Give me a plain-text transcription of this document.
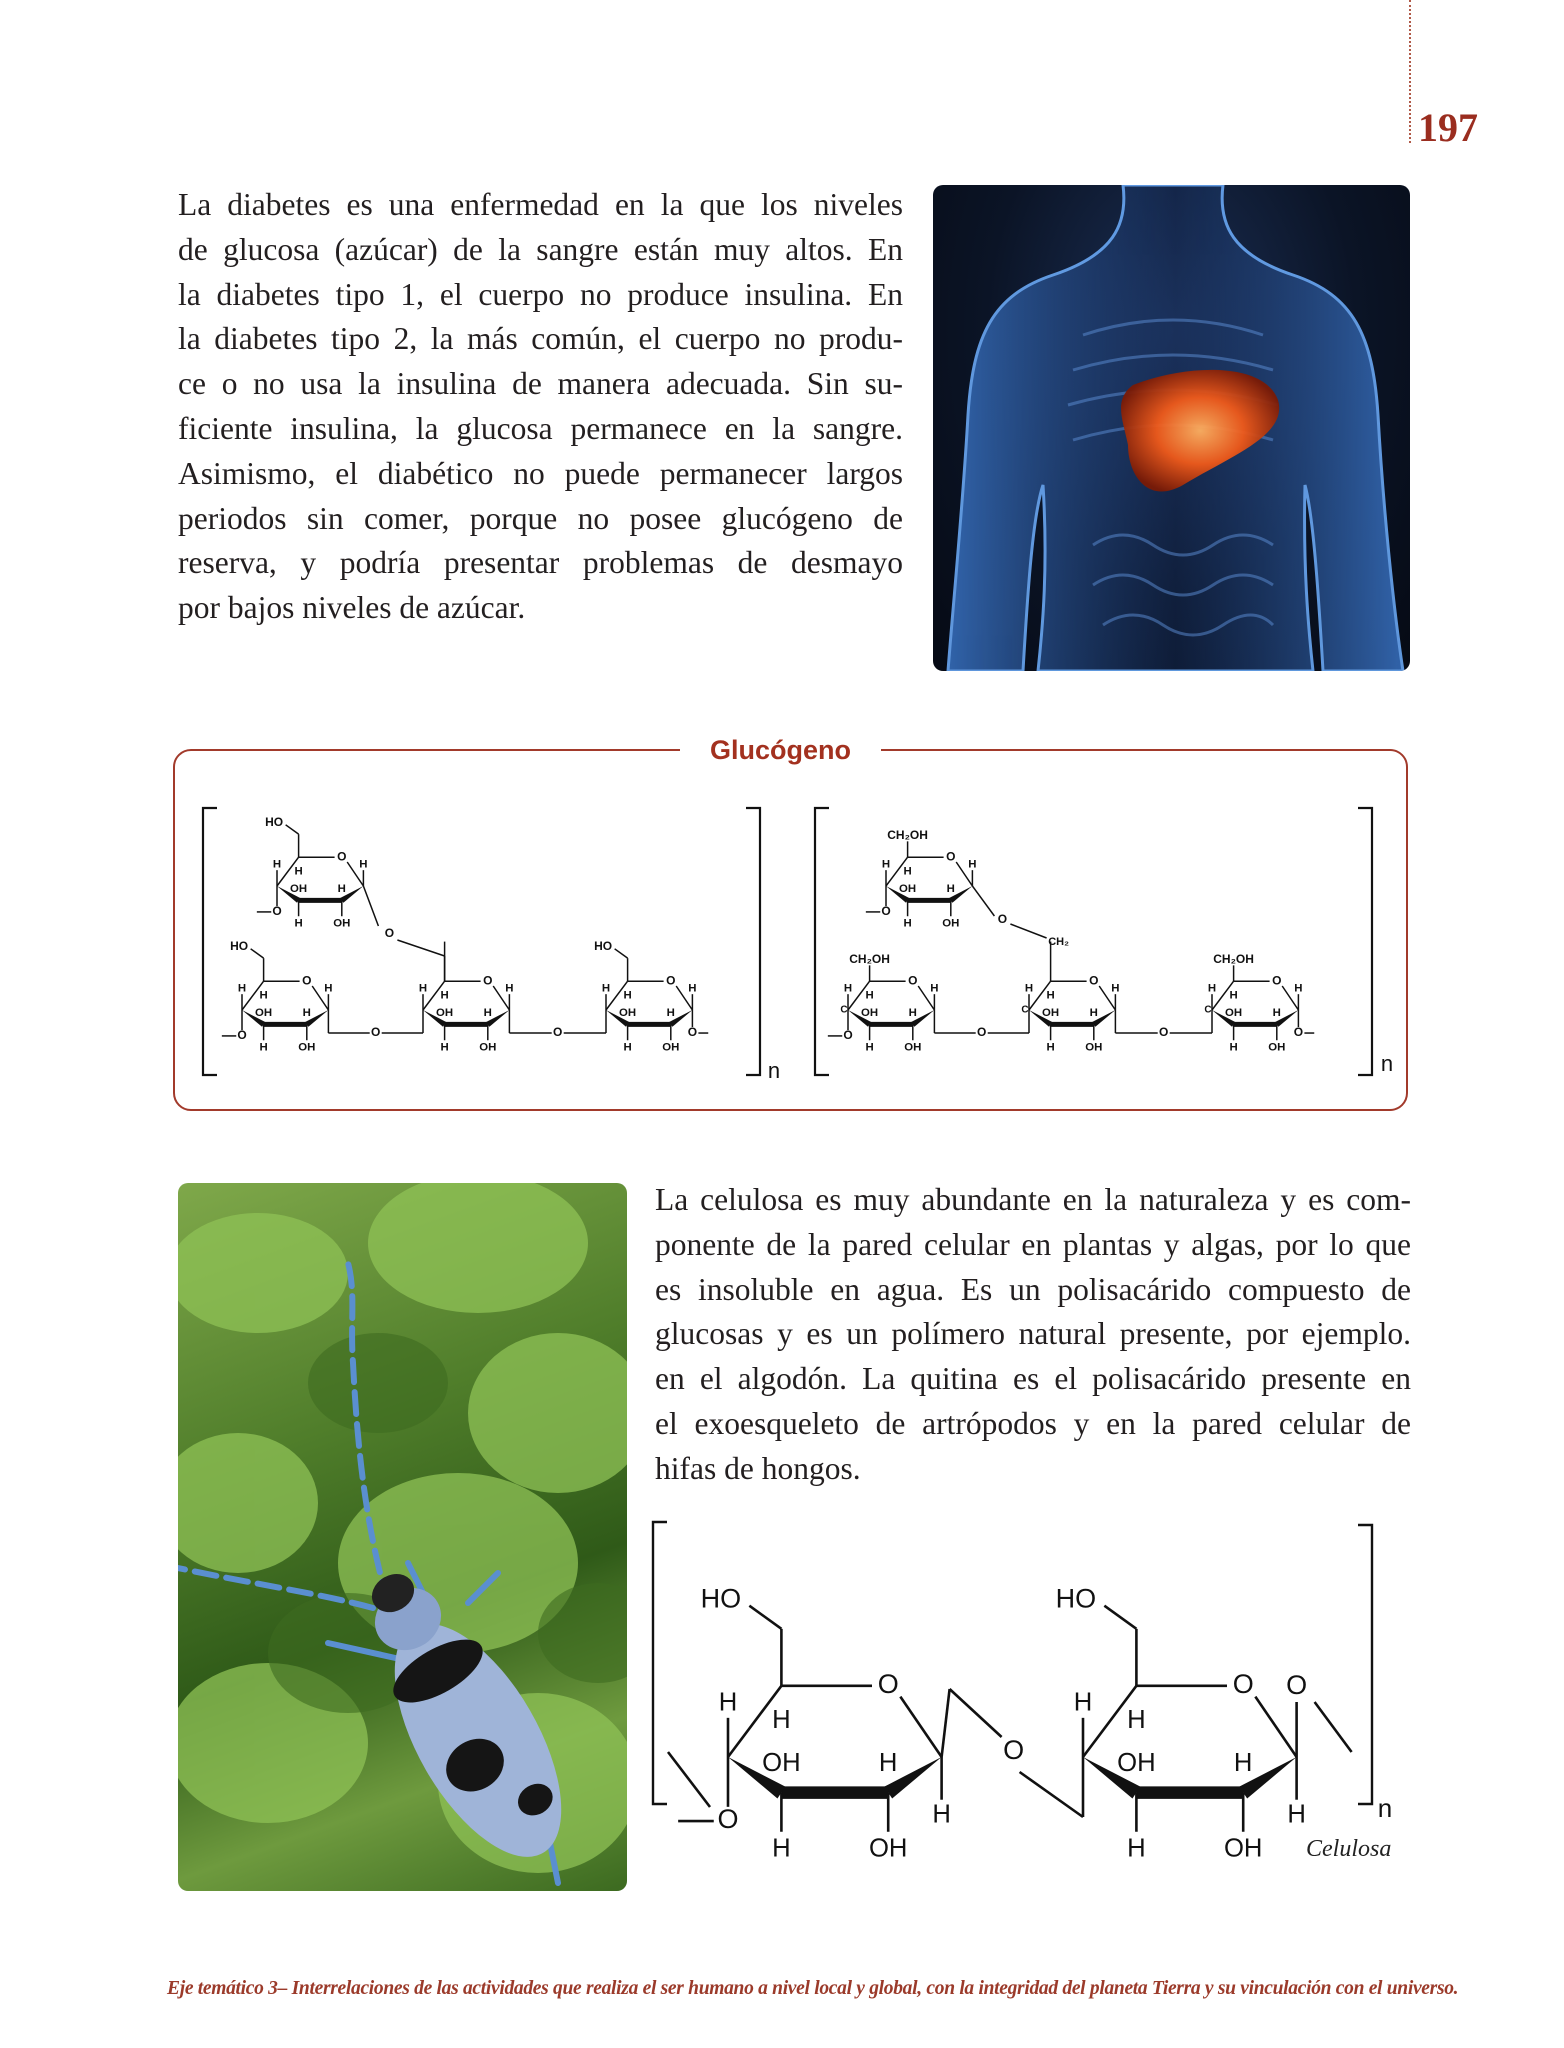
197
La diabetes es una enfermedad en la que los niveles
de glucosa (azúcar) de la sangre están muy altos. En
la diabetes tipo 1, el cuerpo no produce insulina. En
la diabetes tipo 2, la más común, el cuerpo no produ-
ce o no usa la insulina de manera adecuada. Sin su-
ficiente insulina, la glucosa permanece en la sangre.
Asimismo, el diabético no puede permanecer largos
periodos sin comer, porque no posee glucógeno de
reserva, y podría presentar problemas de desmayo
por bajos niveles de azúcar.
Glucógeno
n
O
HO
H
H
O
OH
H
H
OH
H
O
H
H
OH
H
H
OH
H
O
HO
H
H
OH
H
H
OH
H
O	O	O
O
HO
H
H
O
OH
H
H
OH
H
O
n
O
CH₂OH
H
H
O
OH
H
H
OH
H
O
H
H
OH
H
H
OH
H
O
CH₂OH
H
H
OH
H
H
OH
H
O	O	O
C	C	C
O
CH₂OH
H
H
O
OH
H
H
OH
H
O
CH₂
La celulosa es muy abundante en la naturaleza y es com-
ponente de la pared celular en plantas y algas, por lo que
es insoluble en agua. Es un polisacárido compuesto de
glucosas y es un polímero natural presente, por ejemplo.
en el algodón. La quitina es el polisacárido presente en
el exoesqueleto de artrópodos y en la pared celular de
hifas de hongos.
n
O
HO
H
H
O
OH
H
H
OH
H
O
HO
H
H
OH
H
H
OH
H
O
O
Celulosa
Eje temático 3– Interrelaciones de las actividades que realiza el ser humano a nivel local y global, con la integridad del planeta Tierra y su vinculación con el universo.
